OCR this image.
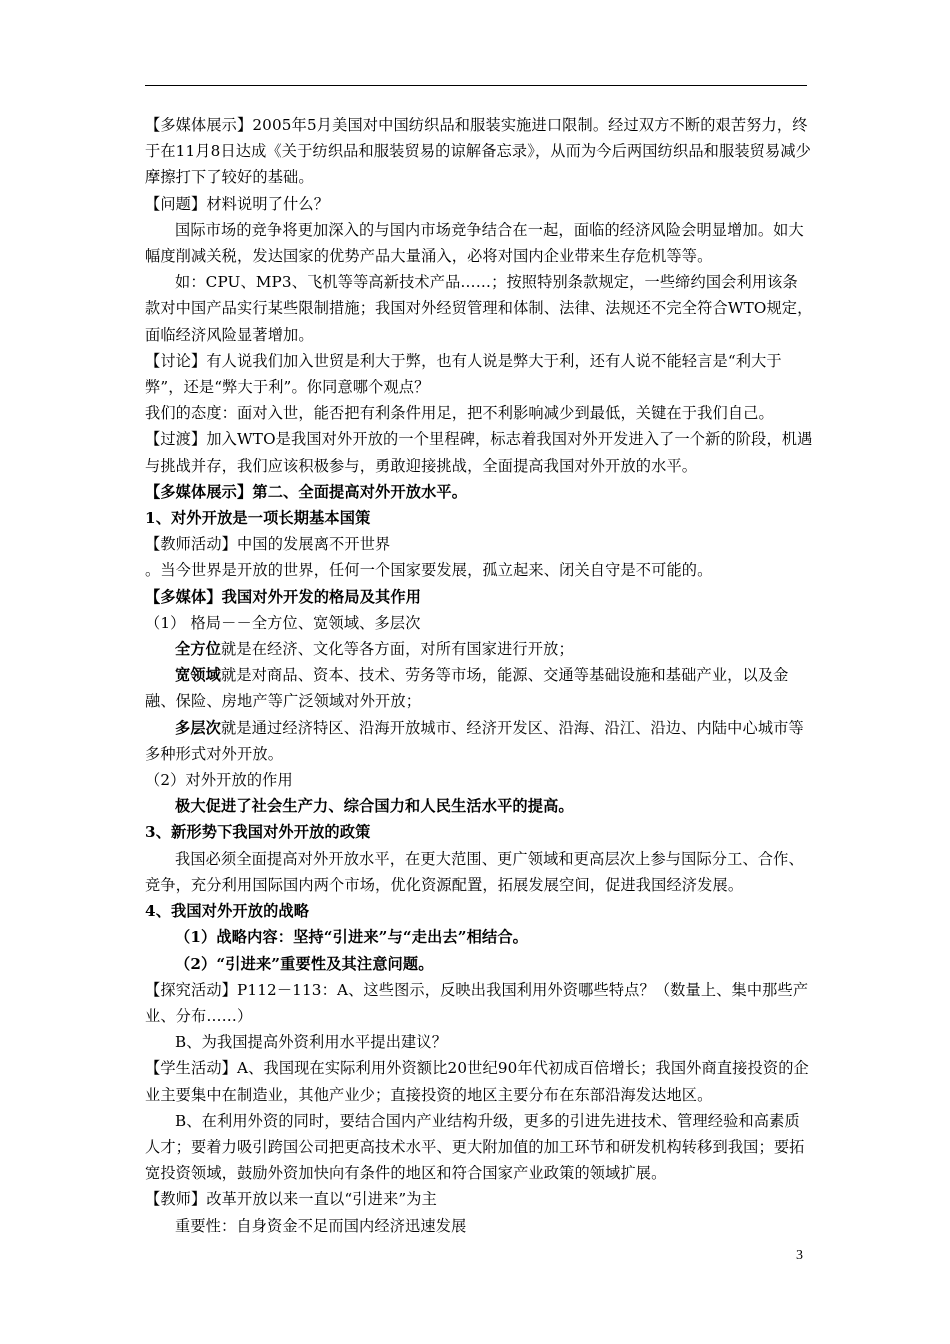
【多媒体展示】2005年5月美国对中国纺织品和服装实施进口限制。经过双方不断的艰苦努力，终于在11月8日达成《关于纺织品和服装贸易的谅解备忘录》，从而为今后两国纺织品和服装贸易减少摩擦打下了较好的基础。

【问题】材料说明了什么？

国际市场的竞争将更加深入的与国内市场竞争结合在一起，面临的经济风险会明显增加。如大幅度削减关税，发达国家的优势产品大量涌入，必将对国内企业带来生存危机等等。

如：CPU、MP3、飞机等等高新技术产品……；按照特别条款规定，一些缔约国会利用该条款对中国产品实行某些限制措施；我国对外经贸管理和体制、法律、法规还不完全符合WTO规定，面临经济风险显著增加。

【讨论】有人说我们加入世贸是利大于弊，也有人说是弊大于利，还有人说不能轻言是“利大于弊”，还是“弊大于利”。你同意哪个观点？

我们的态度：面对入世，能否把有利条件用足，把不利影响减少到最低，关键在于我们自己。

【过渡】加入WTO是我国对外开放的一个里程碑，标志着我国对外开发进入了一个新的阶段，机遇与挑战并存，我们应该积极参与，勇敢迎接挑战，全面提高我国对外开放的水平。

【多媒体展示】第二、全面提高对外开放水平。

1、对外开放是一项长期基本国策

【教师活动】中国的发展离不开世界

。当今世界是开放的世界，任何一个国家要发展，孤立起来、闭关自守是不可能的。

【多媒体】我国对外开发的格局及其作用

（1） 格局－－全方位、宽领域、多层次

全方位就是在经济、文化等各方面，对所有国家进行开放；

宽领域就是对商品、资本、技术、劳务等市场，能源、交通等基础设施和基础产业，以及金融、保险、房地产等广泛领域对外开放；

多层次就是通过经济特区、沿海开放城市、经济开发区、沿海、沿江、沿边、内陆中心城市等多种形式对外开放。

（2）对外开放的作用

极大促进了社会生产力、综合国力和人民生活水平的提高。

3、新形势下我国对外开放的政策

我国必须全面提高对外开放水平，在更大范围、更广领域和更高层次上参与国际分工、合作、竞争，充分利用国际国内两个市场，优化资源配置，拓展发展空间，促进我国经济发展。

4、我国对外开放的战略

（1）战略内容：坚持“引进来”与“走出去”相结合。

（2）“引进来”重要性及其注意问题。

【探究活动】P112－113：A、这些图示，反映出我国利用外资哪些特点？（数量上、集中那些产业、分布……）

B、为我国提高外资利用水平提出建议？

【学生活动】A、我国现在实际利用外资额比20世纪90年代初成百倍增长；我国外商直接投资的企业主要集中在制造业，其他产业少；直接投资的地区主要分布在东部沿海发达地区。

B、在利用外资的同时，要结合国内产业结构升级，更多的引进先进技术、管理经验和高素质人才；要着力吸引跨国公司把更高技术水平、更大附加值的加工环节和研发机构转移到我国；要拓宽投资领域，鼓励外资加快向有条件的地区和符合国家产业政策的领域扩展。

【教师】改革开放以来一直以“引进来”为主

重要性：自身资金不足而国内经济迅速发展

3
